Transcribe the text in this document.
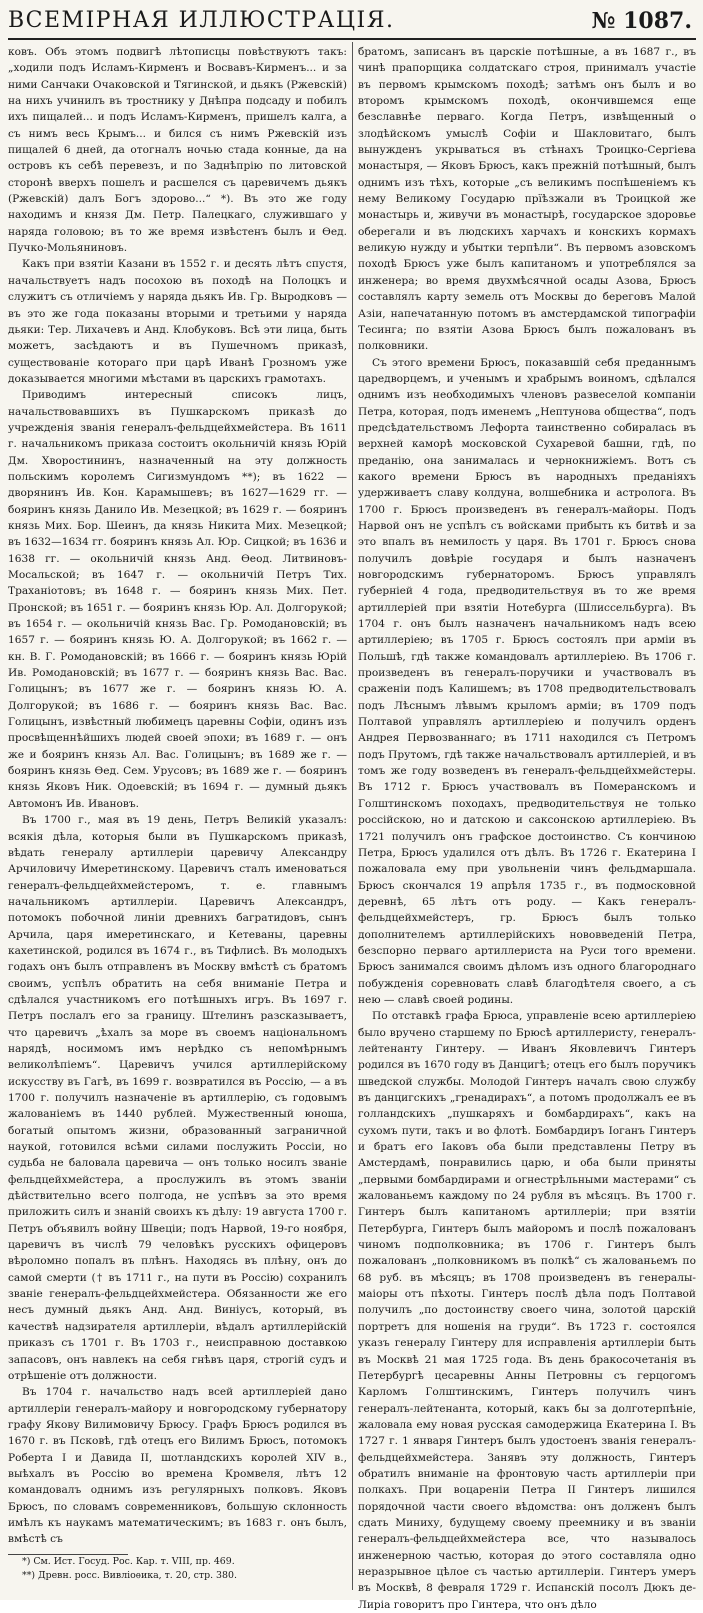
ВСЕМІРНАЯ ИЛЛЮСТРАЦІЯ.	№ 1087.

ковъ. Объ этомъ подвигѣ лѣтописцы повѣствуютъ такъ: „ходили подъ Исламъ-Кирменъ и Восвавъ-Кирменъ... и за ними Санчаки Очаковской и Тягинской, и дьякъ (Ржевскій) на нихъ учинилъ въ тростнику у Днѣпра подсаду и побилъ ихъ пищалей... и подъ Исламъ-Кирменъ, пришелъ калга, а съ нимъ весь Крымъ... и бился съ нимъ Ржевскій изъ пищалей 6 дней, да отогналъ ночью стада конные, да на островъ къ себѣ перевезъ, и по Заднѣпрію по литовской сторонѣ вверхъ пошелъ и расшелся съ царевичемъ дьякъ (Ржевскій) далъ Богъ здорово...“ *). Въ это же году находимъ и князя Дм. Петр. Палецкаго, служившаго у наряда головою; въ то же время извѣстенъ былъ и Ѳед. Пучко-Мольяниновъ.

Какъ при взятіи Казани въ 1552 г. и десять лѣтъ спустя, начальствуетъ надъ посохою въ походѣ на Полоцкъ и служитъ съ отличіемъ у наряда дьякъ Ив. Гр. Выродковъ — въ это же года показаны вторыми и третьими у наряда дьяки: Тер. Лихачевъ и Анд. Клобуковъ. Всѣ эти лица, быть можетъ, засѣдаютъ и въ Пушечномъ приказѣ, существованіе котораго при царѣ Иванѣ Грозномъ уже доказывается многими мѣстами въ царскихъ грамотахъ.

Приводимъ интересный списокъ лицъ, начальствовавшихъ въ Пушкарскомъ приказѣ до учрежденія званія генералъ-фельдцейхмейстера. Въ 1611 г. начальникомъ приказа состоитъ окольничій князь Юрій Дм. Хворостининъ, назначенный на эту должность польскимъ королемъ Сигизмундомъ **); въ 1622 — дворянинъ Ив. Кон. Карамышевъ; въ 1627—1629 гг. — бояринъ князь Данило Ив. Мезецкой; въ 1629 г. — бояринъ князь Мих. Бор. Шеинъ, да князь Никита Мих. Мезецкой; въ 1632—1634 гг. бояринъ князь Ал. Юр. Сицкой; въ 1636 и 1638 гг. — окольничій князь Анд. Ѳеод. Литвиновъ-Мосальской; въ 1647 г. — окольничій Петръ Тих. Траханіотовъ; въ 1648 г. — бояринъ князь Мих. Пет. Пронской; въ 1651 г. — бояринъ князь Юр. Ал. Долгорукой; въ 1654 г. — окольничій князь Вас. Гр. Ромодановскій; въ 1657 г. — бояринъ князь Ю. А. Долгорукой; въ 1662 г. — кн. В. Г. Ромодановскій; въ 1666 г. — бояринъ князь Юрій Ив. Ромодановскій; въ 1677 г. — бояринъ князь Вас. Вас. Голицынъ; въ 1677 же г. — бояринъ князь Ю. А. Долгорукой; въ 1686 г. — бояринъ князь Вас. Вас. Голицынъ, извѣстный любимецъ царевны Софіи, одинъ изъ просвѣщеннѣйшихъ людей своей эпохи; въ 1689 г. — онъ же и бояринъ князь Ал. Вас. Голицынъ; въ 1689 же г. — бояринъ князь Ѳед. Сем. Урусовъ; въ 1689 же г. — бояринъ князь Яковъ Ник. Одоевскій; въ 1694 г. — думный дьякъ Автомонъ Ив. Ивановъ.

Въ 1700 г., мая въ 19 день, Петръ Великій указалъ: всякія дѣла, которыя были въ Пушкарскомъ приказѣ, вѣдать генералу артиллеріи царевичу Александру Арчиловичу Имеретинскому. Царевичъ сталъ именоваться генералъ-фельдцейхмейстеромъ, т. е. главнымъ начальникомъ артиллеріи. Царевичъ Александръ, потомокъ побочной линіи древнихъ багратидовъ, сынъ Арчила, царя имеретинскаго, и Кетеваны, царевны кахетинской, родился въ 1674 г., въ Тифлисѣ. Въ молодыхъ годахъ онъ былъ отправленъ въ Москву вмѣстѣ съ братомъ своимъ, успѣлъ обратить на себя вниманіе Петра и сдѣлался участникомъ его потѣшныхъ игръ. Въ 1697 г. Петръ послалъ его за границу. Штелинъ разсказываетъ, что царевичъ „ѣхалъ за море въ своемъ національномъ нарядѣ, носимомъ имъ нерѣдко съ непомѣрнымъ великолѣпіемъ“. Царевичъ учился артиллерійскому искусству въ Гагѣ, въ 1699 г. возвратился въ Россію, — а въ 1700 г. получилъ назначеніе въ артиллерію, съ годовымъ жалованіемъ въ 1440 рублей. Мужественный юноша, богатый опытомъ жизни, образованный заграничной наукой, готовился всѣми силами послужить Россіи, но судьба не баловала царевича — онъ только носилъ званіе фельдцейхмейстера, а прослужилъ въ этомъ званіи дѣйствительно всего полгода, не успѣвъ за это время приложить силъ и знаній своихъ къ дѣлу: 19 августа 1700 г. Петръ объявилъ войну Швеціи; подъ Нарвой, 19-го ноября, царевичъ въ числѣ 79 человѣкъ русскихъ офицеровъ вѣроломно попалъ въ плѣнъ. Находясь въ плѣну, онъ до самой смерти († въ 1711 г., на пути въ Россію) сохранилъ званіе генералъ-фельдцейхмейстера. Обязанности же его несъ думный дьякъ Анд. Анд. Виніусъ, который, въ качествѣ надзирателя артиллеріи, вѣдалъ артиллерійскій приказъ съ 1701 г. Въ 1703 г., неисправною доставкою запасовъ, онъ навлекъ на себя гнѣвъ царя, строгій судъ и отрѣшеніе отъ должности.

Въ 1704 г. начальство надъ всей артиллеріей дано артиллеріи генералъ-майору и новгородскому губернатору графу Якову Вилимовичу Брюсу. Графъ Брюсъ родился въ 1670 г. въ Псковѣ, гдѣ отецъ его Вилимъ Брюсъ, потомокъ Роберта I и Давида II, шотландскихъ королей XIV в., выѣхалъ въ Россію во времена Кромвеля, лѣтъ 12 командовалъ однимъ изъ регулярныхъ полковъ. Яковъ Брюсъ, по словамъ современниковъ, большую склонность имѣлъ къ наукамъ математическимъ; въ 1683 г. онъ былъ, вмѣстѣ съ

*) См. Ист. Госуд. Рос. Кар. т. VIII, пр. 469.

**) Древн. росс. Вивліоѳика, т. 20, стр. 380.

братомъ, записанъ въ царскіе потѣшные, а въ 1687 г., въ чинѣ прапорщика солдатскаго строя, принималъ участіе въ первомъ крымскомъ походѣ; затѣмъ онъ былъ и во второмъ крымскомъ походѣ, окончившемся еще безславнѣе перваго. Когда Петръ, извѣщенный о злодѣйскомъ умыслѣ Софіи и Шакловитаго, былъ вынужденъ укрываться въ стѣнахъ Троицко-Сергіева монастыря, — Яковъ Брюсъ, какъ прежній потѣшный, былъ однимъ изъ тѣхъ, которые „съ великимъ поспѣшеніемъ къ нему Великому Государю прїѣзжали въ Троицкой же монастырь и, живучи въ монастырѣ, государское здоровье оберегали и въ людскихъ харчахъ и конскихъ кормахъ великую нужду и убытки терпѣли“. Въ первомъ азовскомъ походѣ Брюсъ уже былъ капитаномъ и употреблялся за инженера; во время двухмѣсячной осады Азова, Брюсъ составлялъ карту земель отъ Москвы до береговъ Малой Азіи, напечатанную потомъ въ амстердамской типографіи Тесинга; по взятіи Азова Брюсъ былъ пожалованъ въ полковники.

Съ этого времени Брюсъ, показавшій себя преданнымъ царедворцемъ, и ученымъ и храбрымъ воиномъ, сдѣлался однимъ изъ необходимыхъ членовъ развеселой компаніи Петра, которая, подъ именемъ „Нептунова общества“, подъ предсѣдательствомъ Лефорта таинственно собиралась въ верхней каморѣ московской Сухаревой башни, гдѣ, по преданію, она занималась и чернокнижіемъ. Вотъ съ какого времени Брюсъ въ народныхъ преданіяхъ удерживаетъ славу колдуна, волшебника и астролога. Въ 1700 г. Брюсъ произведенъ въ генералъ-майоры. Подъ Нарвой онъ не успѣлъ съ войсками прибыть къ битвѣ и за это впалъ въ немилость у царя. Въ 1701 г. Брюсъ снова получилъ довѣріе государя и былъ назначенъ новгородскимъ губернаторомъ. Брюсъ управлялъ губерніей 4 года, предводительствуя въ то же время артиллеріей при взятіи Нотебурга (Шлиссельбурга). Въ 1704 г. онъ былъ назначенъ начальникомъ надъ всею артиллеріею; въ 1705 г. Брюсъ состоялъ при арміи въ Польшѣ, гдѣ также командовалъ артиллеріею. Въ 1706 г. произведенъ въ генералъ-поручики и участвовалъ въ сраженіи подъ Калишемъ; въ 1708 предводительствовалъ подъ Лѣснымъ лѣвымъ крыломъ арміи; въ 1709 подъ Полтавой управлялъ артиллеріею и получилъ орденъ Андрея Первозваннаго; въ 1711 находился съ Петромъ подъ Прутомъ, гдѣ также начальствовалъ артиллеріей, и въ томъ же году возведенъ въ генералъ-фельдцейхмейстеры. Въ 1712 г. Брюсъ участвовалъ въ Померанскомъ и Голштинскомъ походахъ, предводительствуя не только россійскою, но и датскою и саксонскою артиллеріею. Въ 1721 получилъ онъ графское достоинство. Съ кончиною Петра, Брюсъ удалился отъ дѣлъ. Въ 1726 г. Екатерина I пожаловала ему при увольненіи чинъ фельдмаршала. Брюсъ скончался 19 апрѣля 1735 г., въ подмосковной деревнѣ, 65 лѣтъ отъ роду. — Какъ генералъ-фельдцейхмейстеръ, гр. Брюсъ былъ только дополнителемъ артиллерійскихъ нововведеній Петра, безспорно перваго артиллериста на Руси того времени. Брюсъ занимался своимъ дѣломъ изъ одного благороднаго побужденія соревновать славѣ благодѣтеля своего, а съ нею — славѣ своей родины.

По отставкѣ графа Брюса, управленіе всею артиллеріею было вручено старшему по Брюсѣ артиллеристу, генералъ-лейтенанту Гинтеру. — Иванъ Яковлевичъ Гинтеръ родился въ 1670 году въ Данцигѣ; отецъ его былъ поручикъ шведской службы. Молодой Гинтеръ началъ свою службу въ данцигскихъ „гренадирахъ“, а потомъ продолжалъ ее въ голландскихъ „пушкаряхъ и бомбардирахъ“, какъ на сухомъ пути, такъ и во флотѣ. Бомбардиръ Іоганъ Гинтеръ и братъ его Іаковъ оба были представлены Петру въ Амстердамѣ, понравились царю, и оба были приняты „первыми бомбардирами и огнестрѣльными мастерами“ съ жалованьемъ каждому по 24 рубля въ мѣсяцъ. Въ 1700 г. Гинтеръ былъ капитаномъ артиллеріи; при взятіи Петербурга, Гинтеръ былъ майоромъ и послѣ пожалованъ чиномъ подполковника; въ 1706 г. Гинтеръ былъ пожалованъ „полковникомъ въ полкѣ“ съ жалованьемъ по 68 руб. въ мѣсяцъ; въ 1708 произведенъ въ генералы-маіоры отъ пѣхоты. Гинтеръ послѣ дѣла подъ Полтавой получилъ „по достоинству своего чина, золотой царскій портретъ для ношенія на груди“. Въ 1723 г. состоялся указъ генералу Гинтеру для исправленія артиллеріи быть въ Москвѣ 21 мая 1725 года. Въ день бракосочетанія въ Петербургѣ цесаревны Анны Петровны съ герцогомъ Карломъ Голштинскимъ, Гинтеръ получилъ чинъ генералъ-лейтенанта, который, какъ бы за долготерпѣніе, жаловала ему новая русская самодержица Екатерина I. Въ 1727 г. 1 января Гинтеръ былъ удостоенъ званія генералъ-фельдцейхмейстера. Занявъ эту должность, Гинтеръ обратилъ вниманіе на фронтовую часть артиллеріи при полкахъ. При воцареніи Петра II Гинтеръ лишился порядочной части своего вѣдомства: онъ долженъ былъ сдать Миниху, будущему своему преемнику и въ званіи генералъ-фельдцейхмейстера все, что называлось инженерною частью, которая до этого составляла одно неразрывное цѣлое съ частью артиллеріи. Гинтеръ умеръ въ Москвѣ, 8 февраля 1729 г. Испанскій посолъ Дюкъ де-Лиріа говоритъ про Гинтера, что онъ дѣло
